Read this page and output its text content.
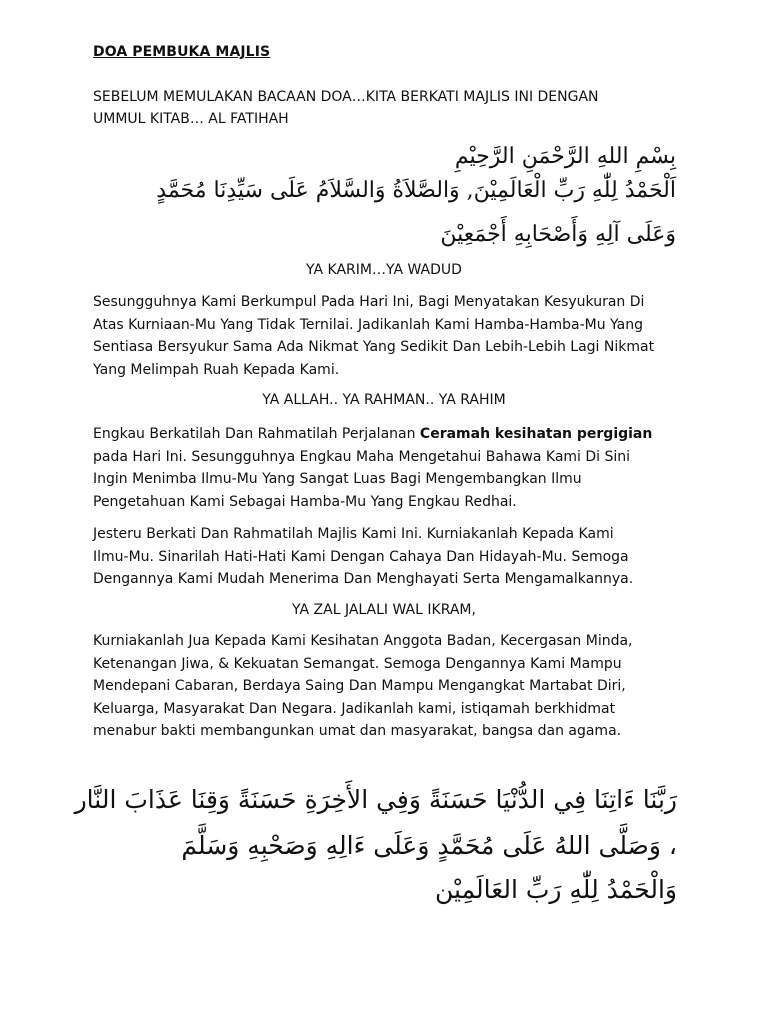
DOA PEMBUKA MAJLIS

SEBELUM MEMULAKAN BACAAN DOA…KITA BERKATI MAJLIS INI DENGAN
UMMUL KITAB… AL FATIHAH

بِسْمِ اللهِ الرَّحْمَنِ الرَّحِيْمِ

اَلْحَمْدُ لِلّٰهِ رَبِّ الْعَالَمِيْنَ, وَالصَّلاَةُ وَالسَّلاَمُ عَلَى سَيِّدِنَا مُحَمَّدٍ

وَعَلَى آلِهِ وَأَصْحَابِهِ أَجْمَعِيْنَ

YA KARIM…YA WADUD

Sesungguhnya Kami Berkumpul Pada Hari Ini, Bagi Menyatakan Kesyukuran Di
Atas Kurniaan-Mu Yang Tidak Ternilai. Jadikanlah Kami Hamba-Hamba-Mu Yang
Sentiasa Bersyukur Sama Ada Nikmat Yang Sedikit Dan Lebih-Lebih Lagi Nikmat
Yang Melimpah Ruah Kepada Kami.

YA ALLAH.. YA RAHMAN.. YA RAHIM

Engkau Berkatilah Dan Rahmatilah Perjalanan Ceramah kesihatan pergigian
pada Hari Ini. Sesungguhnya Engkau Maha Mengetahui Bahawa Kami Di Sini
Ingin Menimba Ilmu-Mu Yang Sangat Luas Bagi Mengembangkan Ilmu
Pengetahuan Kami Sebagai Hamba-Mu Yang Engkau Redhai.

Jesteru Berkati Dan Rahmatilah Majlis Kami Ini. Kurniakanlah Kepada Kami
Ilmu-Mu. Sinarilah Hati-Hati Kami Dengan Cahaya Dan Hidayah-Mu. Semoga
Dengannya Kami Mudah Menerima Dan Menghayati Serta Mengamalkannya.

YA ZAL JALALI WAL IKRAM,

Kurniakanlah Jua Kepada Kami Kesihatan Anggota Badan, Kecergasan Minda,
Ketenangan Jiwa, & Kekuatan Semangat. Semoga Dengannya Kami Mampu
Mendepani Cabaran, Berdaya Saing Dan Mampu Mengangkat Martabat Diri,
Keluarga, Masyarakat Dan Negara. Jadikanlah kami, istiqamah berkhidmat
menabur bakti membangunkan umat dan masyarakat, bangsa dan agama.

رَبَّنَا ءَاتِنَا فِي الدُّنْيَا حَسَنَةً وَفِي الأَخِرَةِ حَسَنَةً وَقِنَا عَذَابَ النَّار

، وَصَلَّى اللهُ عَلَى مُحَمَّدٍ وَعَلَى ءَالِهِ وَصَحْبِهِ وَسَلَّمَ

وَالْحَمْدُ لِلّٰهِ رَبِّ العَالَمِيْن
